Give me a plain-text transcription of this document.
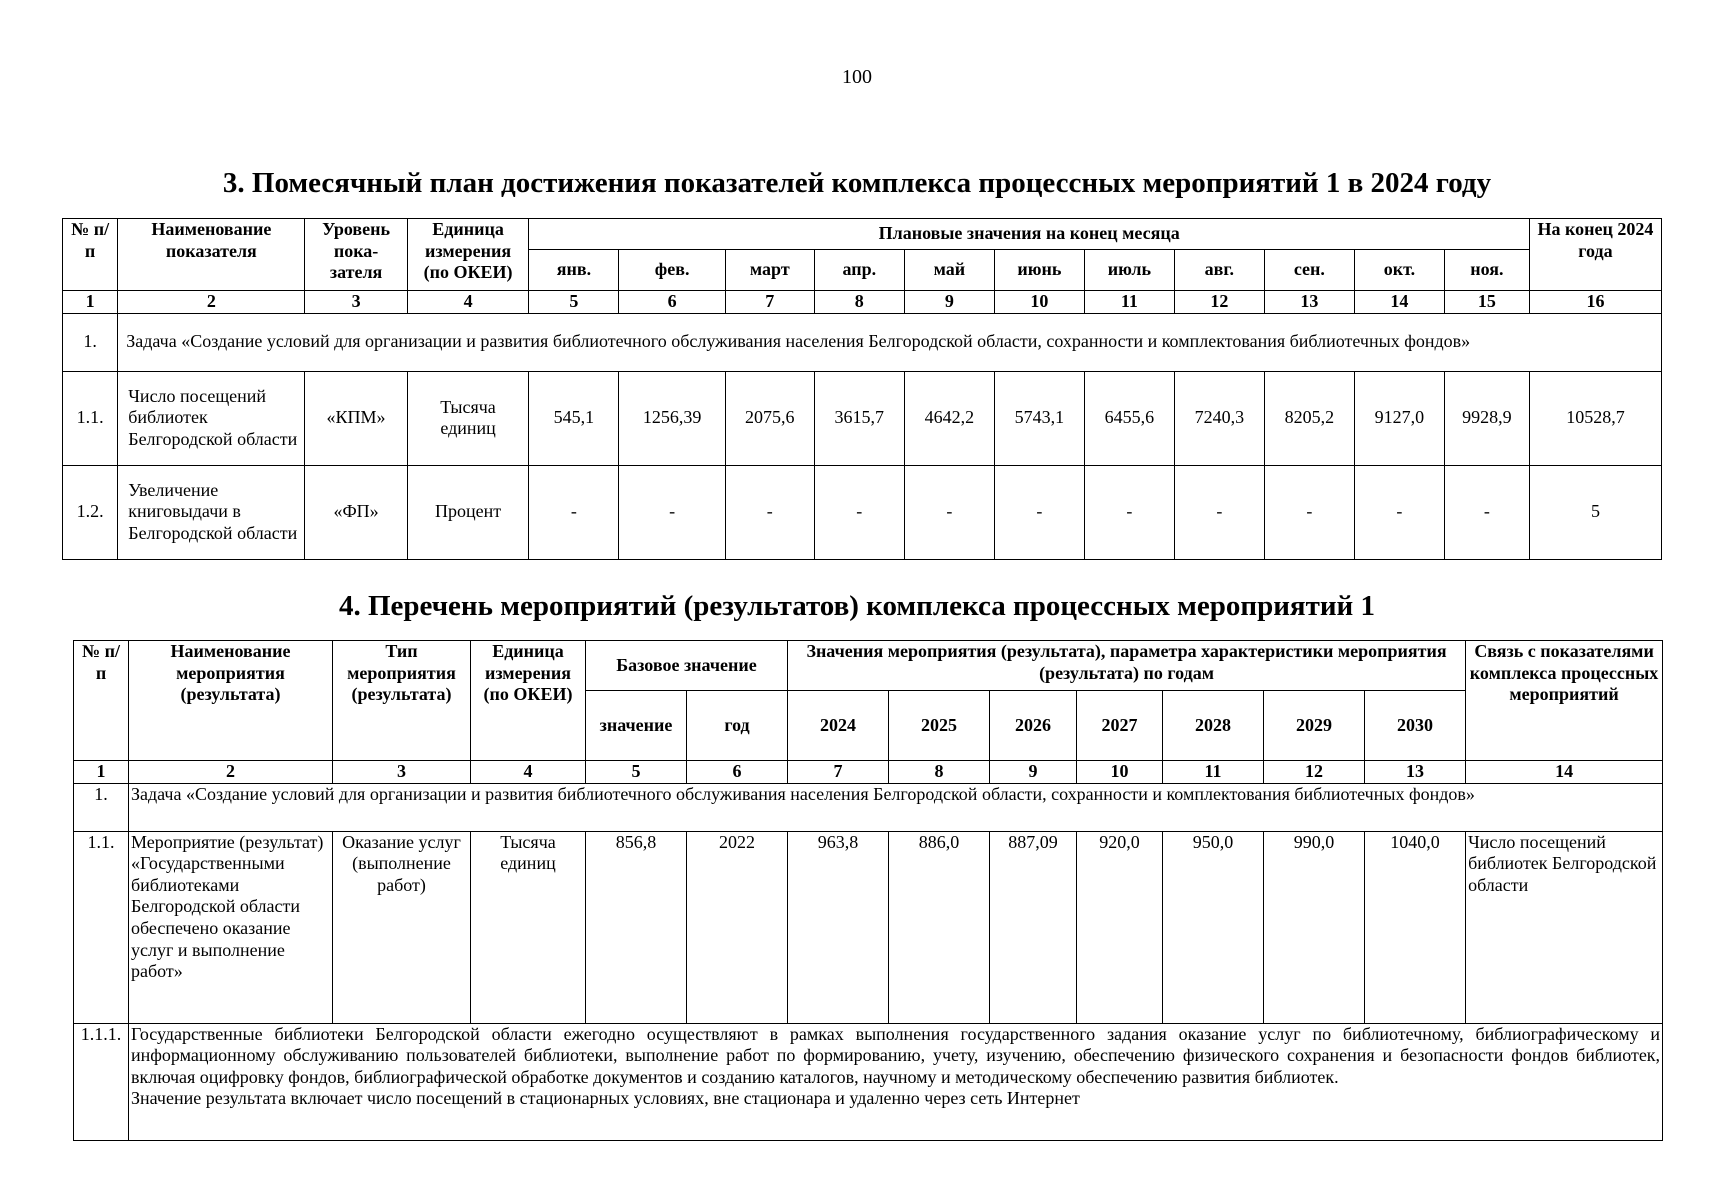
100
3. Помесячный план достижения показателей комплекса процессных мероприятий 1 в 2024 году
№ п/п	Наименование показателя	Уровень пока-зателя	Единица измерения (по ОКЕИ)	Плановые значения на конец месяца											На конец 2024 года
				янв.	фев.	март	апр.	май	июнь	июль	авг.	сен.	окт.	ноя.	
1	2	3	4	5	6	7	8	9	10	11	12	13	14	15	16
1.	Задача «Создание условий для организации и развития библиотечного обслуживания населения Белгородской области, сохранности и комплектования библиотечных фондов»														
1.1.	Число посещений библиотек Белгородской области	«КПМ»	Тысяча единиц	545,1	1256,39	2075,6	3615,7	4642,2	5743,1	6455,6	7240,3	8205,2	9127,0	9928,9	10528,7
1.2.	Увеличение книговыдачи в Белгородской области	«ФП»	Процент	-	-	-	-	-	-	-	-	-	-	-	5
4. Перечень мероприятий (результатов) комплекса процессных мероприятий 1
№ п/п	Наименование мероприятия (результата)	Тип мероприятия (результата)	Единица измерения (по ОКЕИ)	Базовое значение		Значения мероприятия (результата), параметра характеристики мероприятия (результата) по годам							Связь с показателями комплекса процессных мероприятий
				значение	год	2024	2025	2026	2027	2028	2029	2030	
1	2	3	4	5	6	7	8	9	10	11	12	13	14
1.	Задача «Создание условий для организации и развития библиотечного обслуживания населения Белгородской области, сохранности и комплектования библиотечных фондов»												
1.1.	Мероприятие (результат) «Государственными библиотеками Белгородской области обеспечено оказание услуг и выполнение работ»	Оказание услуг (выполнение работ)	Тысяча единиц	856,8	2022	963,8	886,0	887,09	920,0	950,0	990,0	1040,0	Число посещений библиотек Белгородской области
1.1.1.	Государственные библиотеки Белгородской области ежегодно осуществляют в рамках выполнения государственного задания оказание услуг по библиотечному, библиографическому и информационному обслуживанию пользователей библиотеки, выполнение работ по формированию, учету, изучению, обеспечению физического сохранения и безопасности фондов библиотек, включая оцифровку фондов, библиографической обработке документов и созданию каталогов, научному и методическому обеспечению развития библиотек.
Значение результата включает число посещений в стационарных условиях, вне стационара и удаленно через сеть Интернет												
